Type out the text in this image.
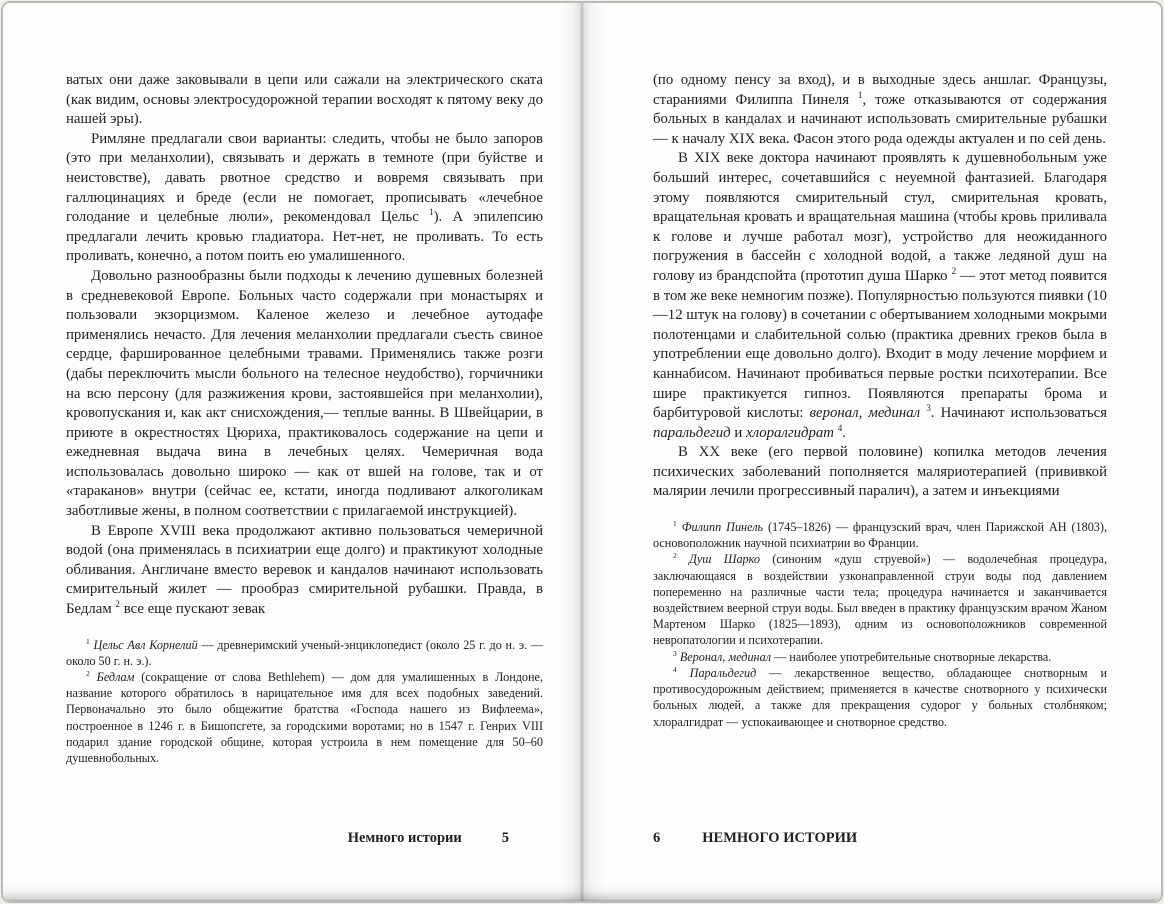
ватых они даже заковывали в цепи или сажали на электрического ската (как видим, основы электросудорожной терапии восходят к пятому веку до нашей эры).

Римляне предлагали свои варианты: следить, чтобы не было запоров (это при меланхолии), связывать и держать в темноте (при буйстве и неистовстве), давать рвотное средство и вовремя связывать при галлюцинациях и бреде (если не помогает, прописывать «лечебное голодание и целебные люли», рекомендовал Цельс $^1$). А эпилепсию предлагали лечить кровью гладиатора. Нет-нет, не проливать. То есть проливать, конечно, а потом поить ею умалишенного.

Довольно разнообразны были подходы к лечению душевных болезней в средневековой Европе. Больных часто содержали при монастырях и пользовали экзорцизмом. Каленое железо и лечебное аутодафе применялись нечасто. Для лечения меланхолии предлагали съесть свиное сердце, фаршированное целебными травами. Применялись также розги (дабы переключить мысли больного на телесное неудобство), горчичники на всю персону (для разжижения крови, застоявшейся при меланхолии), кровопускания и, как акт снисхождения,— теплые ванны. В Швейцарии, в приюте в окрестностях Цюриха, практиковалось содержание на цепи и ежедневная выдача вина в лечебных целях. Чемеричная вода использовалась довольно широко — как от вшей на голове, так и от «тараканов» внутри (сейчас ее, кстати, иногда подливают алкоголикам заботливые жены, в полном соответствии с прилагаемой инструкцией).

В Европе XVIII века продолжают активно пользоваться чемеричной водой (она применялась в психиатрии еще долго) и практикуют холодные обливания. Англичане вместо веревок и кандалов начинают использовать смирительный жилет — прообраз смирительной рубашки. Правда, в Бедлам $^2$ все еще пускают зевак

$^1$ Цельс Авл Корнелий — древнеримский ученый-энциклопедист (около 25 г. до н. э. — около 50 г. н. э.).

$^2$ Бедлам (сокращение от слова Bethlehem) — дом для умалишенных в Лондоне, название которого обратилось в нарицательное имя для всех подобных заведений. Первоначально это было общежитие братства «Господа нашего из Вифлеема», построенное в 1246 г. в Бишопсгете, за городскими воротами; но в 1547 г. Генрих VIII подарил здание городской общине, которая устроила в нем помещение для 50–60 душевнобольных.

Немного истории	5

(по одному пенсу за вход), и в выходные здесь аншлаг. Французы, стараниями Филиппа Пинеля $^1$, тоже отказываются от содержания больных в кандалах и начинают использовать смирительные рубашки — к началу XIX века. Фасон этого рода одежды актуален и по сей день.

В XIX веке доктора начинают проявлять к душевнобольным уже больший интерес, сочетавшийся с неуемной фантазией. Благодаря этому появляются смирительный стул, смирительная кровать, вращательная кровать и вращательная машина (чтобы кровь приливала к голове и лучше работал мозг), устройство для неожиданного погружения в бассейн с холодной водой, а также ледяной душ на голову из брандспойта (прототип душа Шарко $^2$ — этот метод появится в том же веке немногим позже). Популярностью пользуются пиявки (10—12 штук на голову) в сочетании с обертыванием холодными мокрыми полотенцами и слабительной солью (практика древних греков была в употреблении еще довольно долго). Входит в моду лечение морфием и каннабисом. Начинают пробиваться первые ростки психотерапии. Все шире практикуется гипноз. Появляются препараты брома и барбитуровой кислоты: веронал, мединал $^3$. Начинают использоваться паральдегид и хлоралгидрат $^4$.

В XX веке (его первой половине) копилка методов лечения психических заболеваний пополняется маляриотерапией (прививкой малярии лечили прогрессивный паралич), а затем и инъекциями

$^1$ Филипп Пинель (1745–1826) — французский врач, член Парижской АН (1803), основоположник научной психиатрии во Франции.

$^2$ Душ Шарко (синоним «душ струевой») — водолечебная процедура, заключающаяся в воздействии узконаправленной струи воды под давлением попеременно на различные части тела; процедура начинается и заканчивается воздействием веерной струи воды. Был введен в практику французским врачом Жаном Мартеном Шарко (1825—1893), одним из основоположников современной невропатологии и психотерапии.

$^3$ Веронал, мединал — наиболее употребительные снотворные лекарства.

$^4$ Паральдегид — лекарственное вещество, обладающее снотворным и противосудорожным действием; применяется в качестве снотворного у психически больных людей, а также для прекращения судорог у больных столбняком; хлоралгидрат — успокаивающее и снотворное средство.

6	НЕМНОГО ИСТОРИИ
